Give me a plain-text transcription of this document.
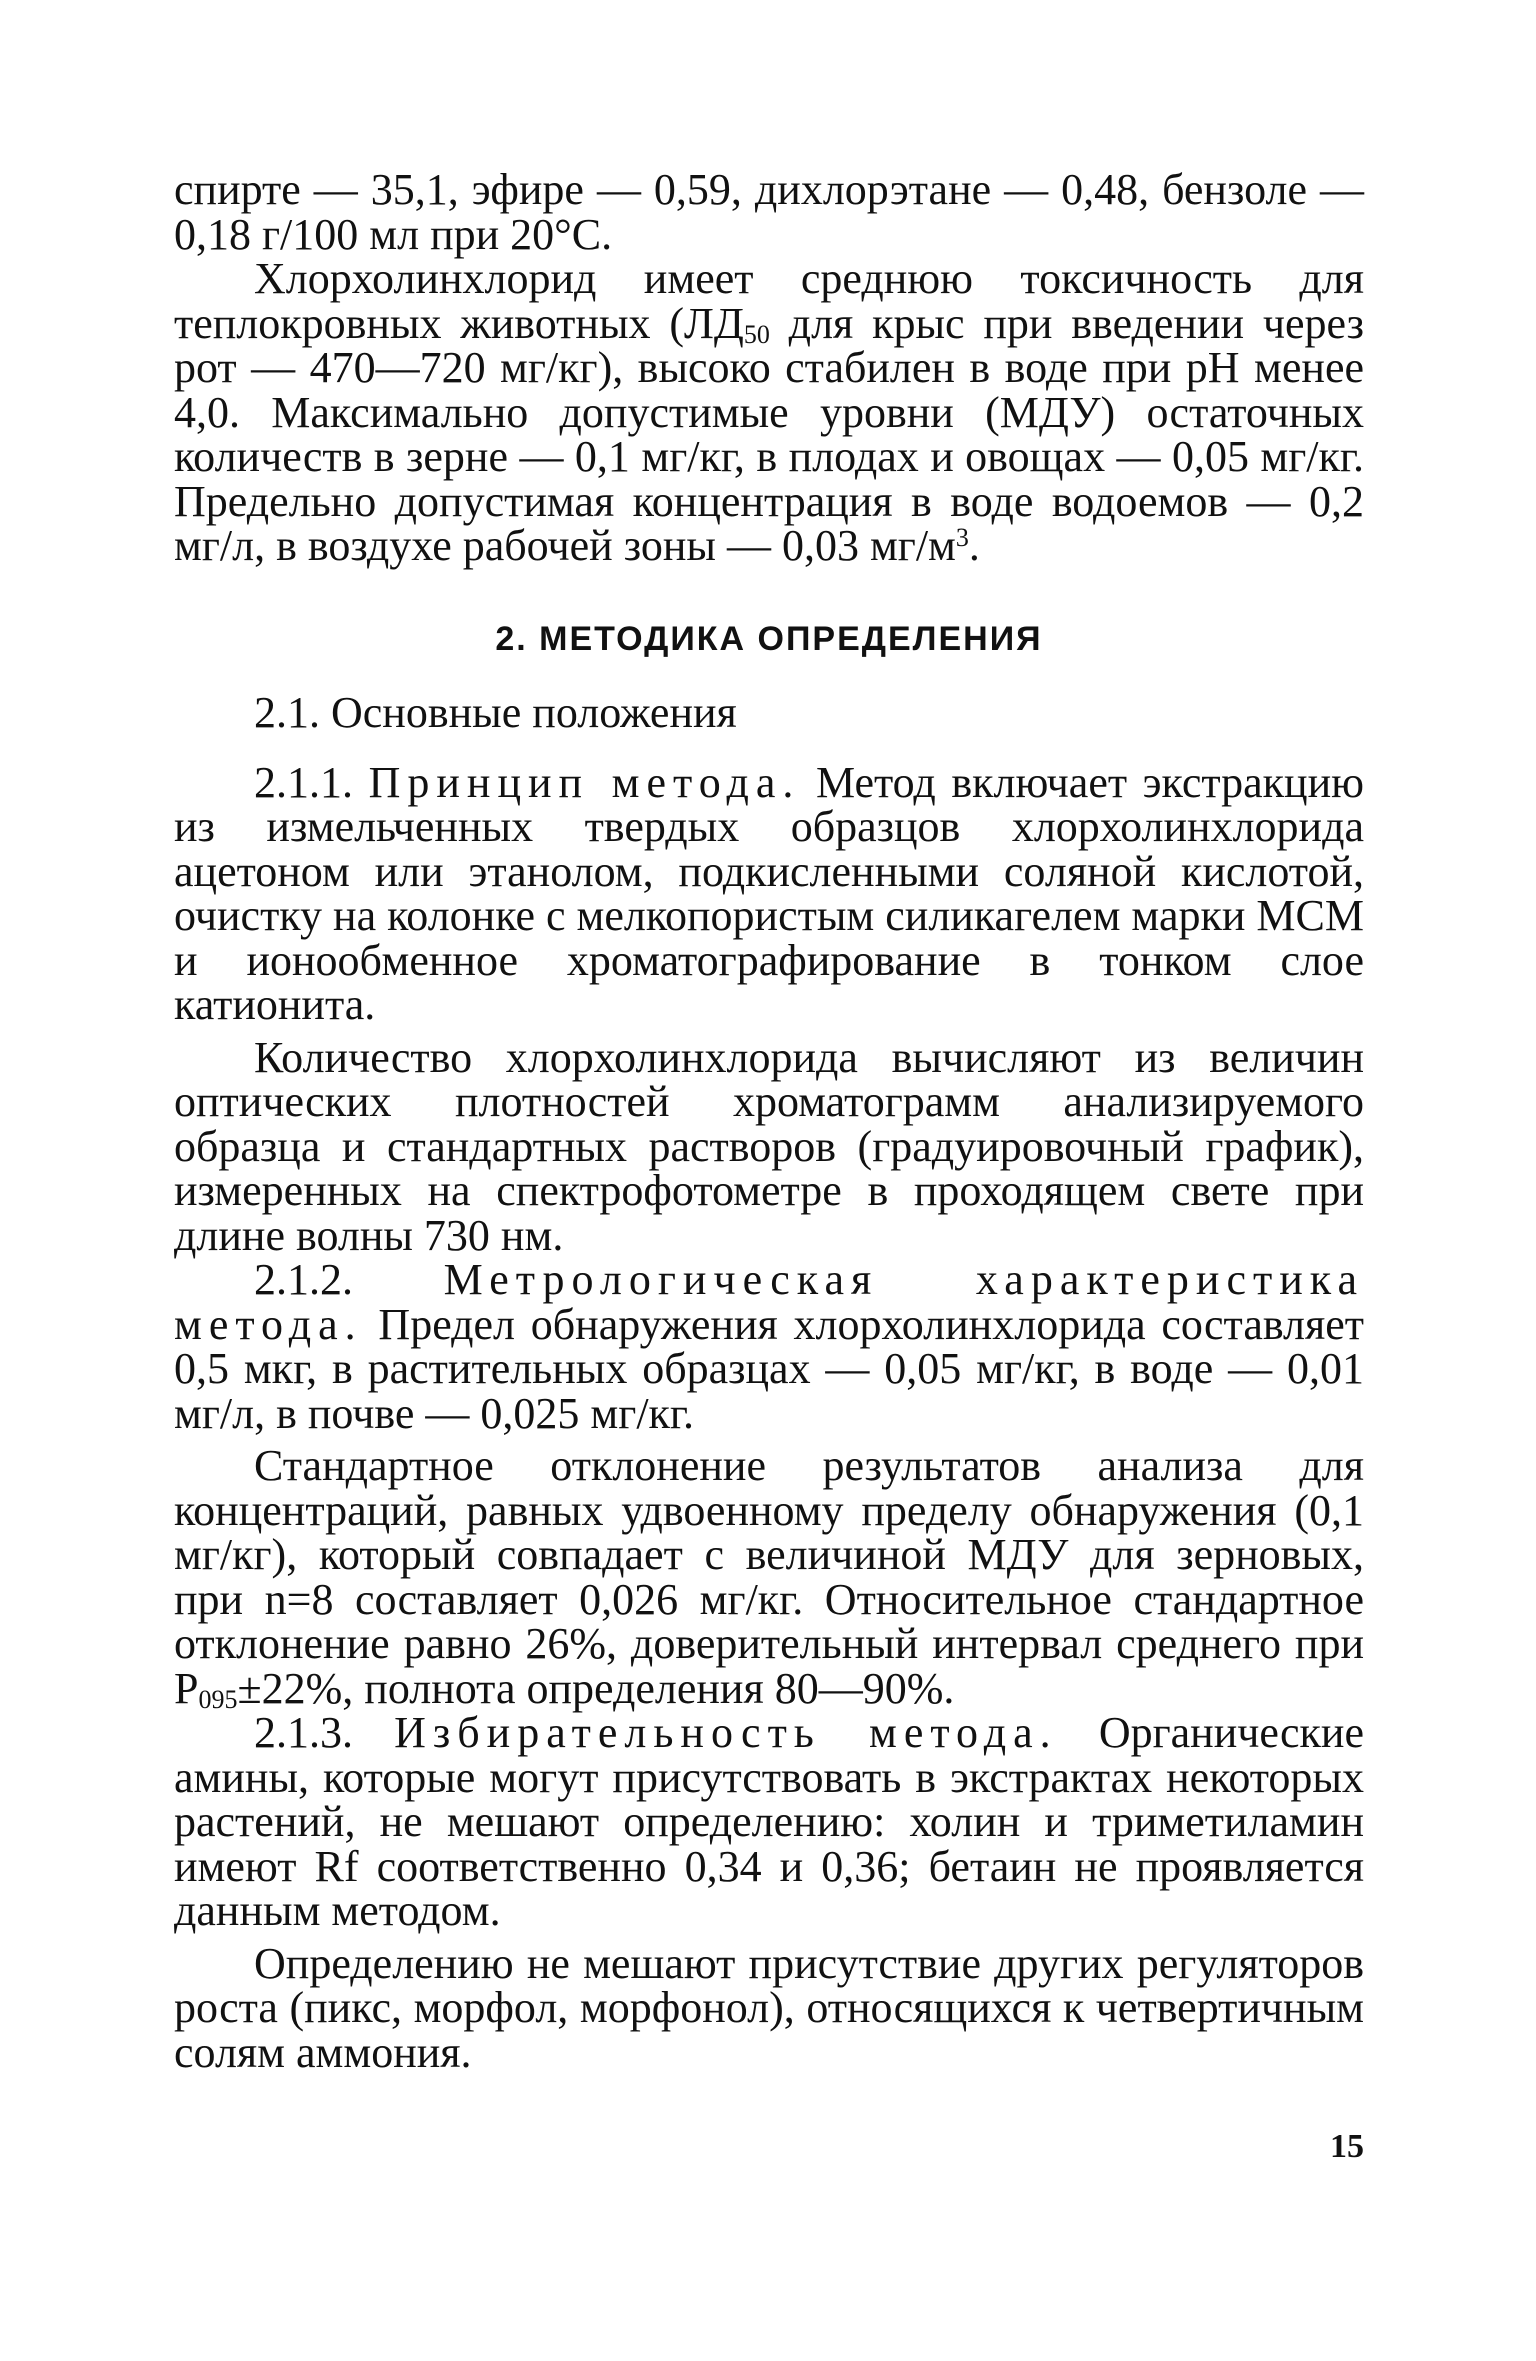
спирте — 35,1, эфире — 0,59, дихлорэтане — 0,48, бензоле — 0,18 г/100 мл при 20°С.

Хлорхолинхлорид имеет среднюю токсичность для теплокровных животных ($ЛД_{50}$ для крыс при введении через рот — 470—720 мг/кг), высоко стабилен в воде при рН менее 4,0. Максимально допустимые уровни (МДУ) остаточных количеств в зерне — 0,1 мг/кг, в плодах и овощах — 0,05 мг/кг. Предельно допустимая концентрация в воде водоемов — 0,2 мг/л, в воздухе рабочей зоны — 0,03 $мг/м^3$.

2. МЕТОДИКА ОПРЕДЕЛЕНИЯ
2.1. Основные положения

2.1.1. Принцип метода. Метод включает экстракцию из измельченных твердых образцов хлорхолинхлорида ацетоном или этанолом, подкисленными соляной кислотой, очистку на колонке с мелкопористым силикагелем марки МСМ и ионообменное хроматографирование в тонком слое катионита.

Количество хлорхолинхлорида вычисляют из величин оптических плотностей хроматограмм анализируемого образца и стандартных растворов (градуировочный график), измеренных на спектрофотометре в проходящем свете при длине волны 730 нм.

2.1.2. Метрологическая характеристика метода. Предел обнаружения хлорхолинхлорида составляет 0,5 мкг, в растительных образцах — 0,05 мг/кг, в воде — 0,01 мг/л, в почве — 0,025 мг/кг.

Стандартное отклонение результатов анализа для концентраций, равных удвоенному пределу обнаружения (0,1 мг/кг), который совпадает с величиной МДУ для зерновых, при n=8 составляет 0,026 мг/кг. Относительное стандартное отклонение равно 26%, доверительный интервал среднего при $Р_{095}\pm 22\%$, полнота определения 80—90%.

2.1.3. Избирательность метода. Органические амины, которые могут присутствовать в экстрактах некоторых растений, не мешают определению: холин и триметиламин имеют Rf соответственно 0,34 и 0,36; бетаин не проявляется данным методом.

Определению не мешают присутствие других регуляторов роста (пикс, морфол, морфонол), относящихся к четвертичным солям аммония.

15
